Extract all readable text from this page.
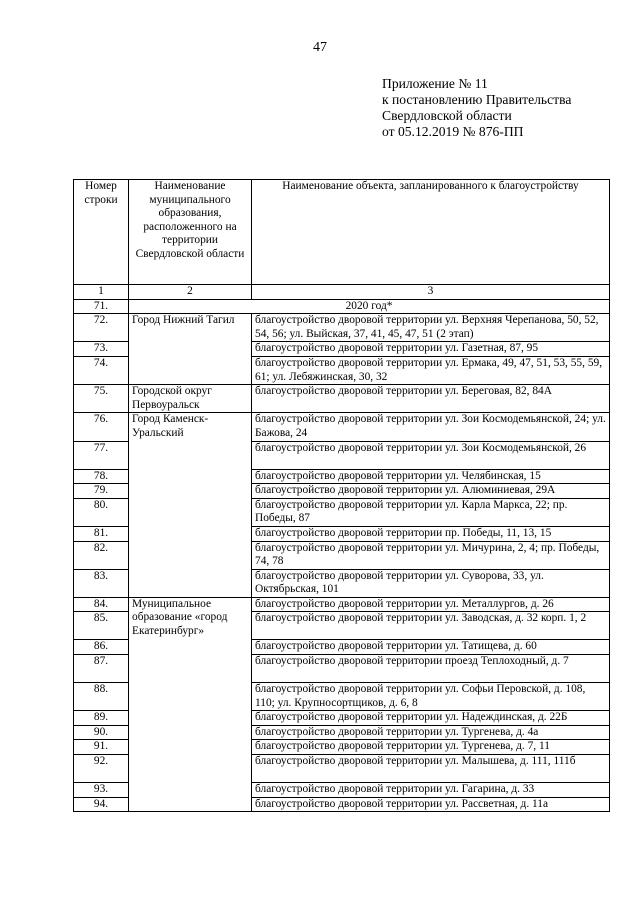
47
Приложение № 11
к постановлению Правительства
Свердловской области
от 05.12.2019 № 876-ПП
Номер строки	Наименование муниципального образования, расположенного на территории Свердловской области	Наименование объекта, запланированного к благоустройству
1	2	3
71.	2020 год*	
72.	Город Нижний Тагил	благоустройство дворовой территории ул. Верхняя Черепанова, 50, 52, 54, 56; ул. Выйская, 37, 41, 45, 47, 51 (2 этап)
73.		благоустройство дворовой территории ул. Газетная, 87, 95
74.		благоустройство дворовой территории ул. Ермака, 49, 47, 51, 53, 55, 59, 61; ул. Лебяжинская, 30, 32
75.	Городской округ Первоуральск	благоустройство дворовой территории ул. Береговая, 82, 84А
76.	Город Каменск-Уральский	благоустройство дворовой территории ул. Зои Космодемьянской, 24; ул. Бажова, 24
77.		благоустройство дворовой территории ул. Зои Космодемьянской, 26
78.		благоустройство дворовой территории ул. Челябинская, 15
79.		благоустройство дворовой территории ул. Алюминиевая, 29А
80.		благоустройство дворовой территории ул. Карла Маркса, 22; пр. Победы, 87
81.		благоустройство дворовой территории пр. Победы, 11, 13, 15
82.		благоустройство дворовой территории ул. Мичурина, 2, 4; пр. Победы, 74, 78
83.		благоустройство дворовой территории ул. Суворова, 33, ул. Октябрьская, 101
84.	Муниципальное образование «город Екатеринбург»	благоустройство дворовой территории ул. Металлургов, д. 26
85.		благоустройство дворовой территории ул. Заводская, д. 32 корп. 1, 2
86.		благоустройство дворовой территории ул. Татищева, д. 60
87.		благоустройство дворовой территории проезд Теплоходный, д. 7
88.		благоустройство дворовой территории ул. Софьи Перовской, д. 108, 110; ул. Крупносортщиков, д. 6, 8
89.		благоустройство дворовой территории ул. Надеждинская, д. 22Б
90.		благоустройство дворовой территории ул. Тургенева, д. 4а
91.		благоустройство дворовой территории ул. Тургенева, д. 7, 11
92.		благоустройство дворовой территории ул. Малышева, д. 111, 111б
93.		благоустройство дворовой территории ул. Гагарина, д. 33
94.		благоустройство дворовой территории ул. Рассветная, д. 11а
